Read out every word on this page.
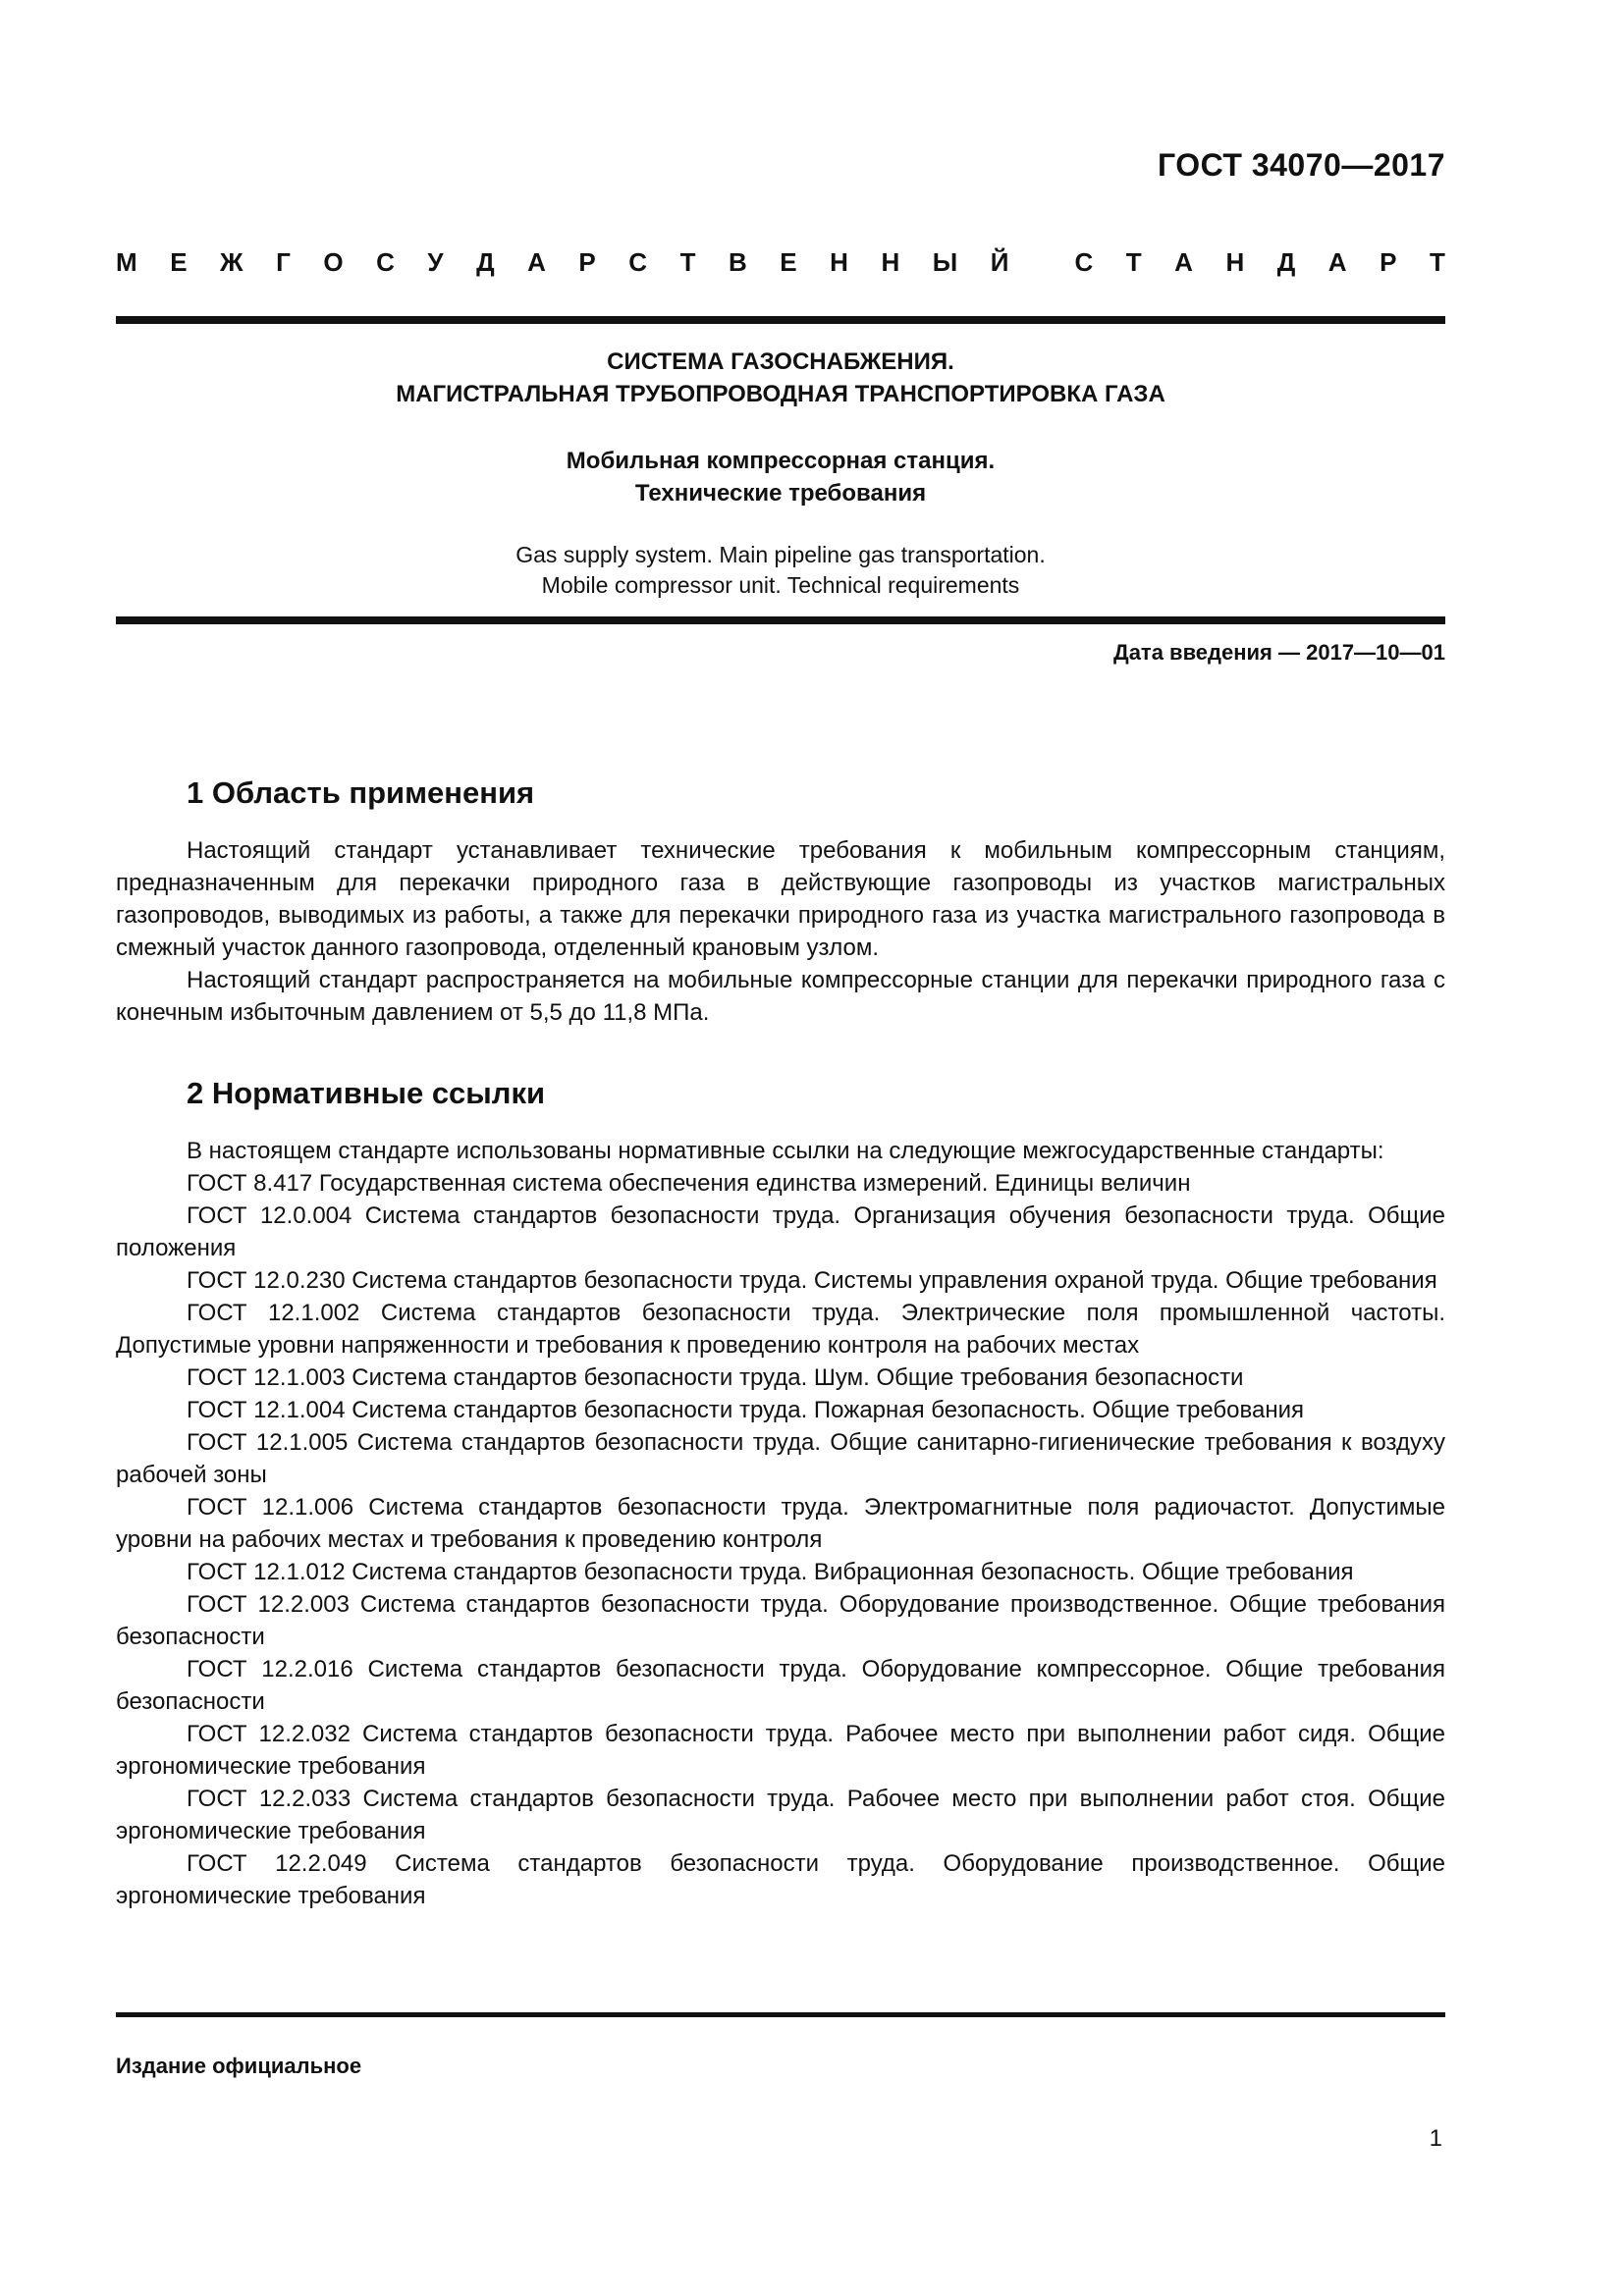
ГОСТ 34070—2017
М Е Ж Г О С У Д А Р С Т В Е Н Н Ы Й	С Т А Н Д А Р Т
СИСТЕМА ГАЗОСНАБЖЕНИЯ.
МАГИСТРАЛЬНАЯ ТРУБОПРОВОДНАЯ ТРАНСПОРТИРОВКА ГАЗА
Мобильная компрессорная станция.
Технические требования
Gas supply system. Main pipeline gas transportation.
Mobile compressor unit. Technical requirements
Дата введения — 2017—10—01
1 Область применения

Настоящий стандарт устанавливает технические требования к мобильным компрессорным станциям, предназначенным для перекачки природного газа в действующие газопроводы из участков магистральных газопроводов, выводимых из работы, а также для перекачки природного газа из участка магистрального газопровода в смежный участок данного газопровода, отделенный крановым узлом.

Настоящий стандарт распространяется на мобильные компрессорные станции для перекачки природного газа с конечным избыточным давлением от 5,5 до 11,8 МПа.

2 Нормативные ссылки

В настоящем стандарте использованы нормативные ссылки на следующие межгосударственные стандарты:

ГОСТ 8.417 Государственная система обеспечения единства измерений. Единицы величин

ГОСТ 12.0.004 Система стандартов безопасности труда. Организация обучения безопасности труда. Общие положения

ГОСТ 12.0.230 Система стандартов безопасности труда. Системы управления охраной труда. Общие требования

ГОСТ 12.1.002 Система стандартов безопасности труда. Электрические поля промышленной частоты. Допустимые уровни напряженности и требования к проведению контроля на рабочих местах

ГОСТ 12.1.003 Система стандартов безопасности труда. Шум. Общие требования безопасности

ГОСТ 12.1.004 Система стандартов безопасности труда. Пожарная безопасность. Общие требования

ГОСТ 12.1.005 Система стандартов безопасности труда. Общие санитарно-гигиенические требования к воздуху рабочей зоны

ГОСТ 12.1.006 Система стандартов безопасности труда. Электромагнитные поля радиочастот. Допустимые уровни на рабочих местах и требования к проведению контроля

ГОСТ 12.1.012 Система стандартов безопасности труда. Вибрационная безопасность. Общие требования

ГОСТ 12.2.003 Система стандартов безопасности труда. Оборудование производственное. Общие требования безопасности

ГОСТ 12.2.016 Система стандартов безопасности труда. Оборудование компрессорное. Общие требования безопасности

ГОСТ 12.2.032 Система стандартов безопасности труда. Рабочее место при выполнении работ сидя. Общие эргономические требования

ГОСТ 12.2.033 Система стандартов безопасности труда. Рабочее место при выполнении работ стоя. Общие эргономические требования

ГОСТ 12.2.049 Система стандартов безопасности труда. Оборудование производственное. Общие эргономические требования

Издание официальное
1
